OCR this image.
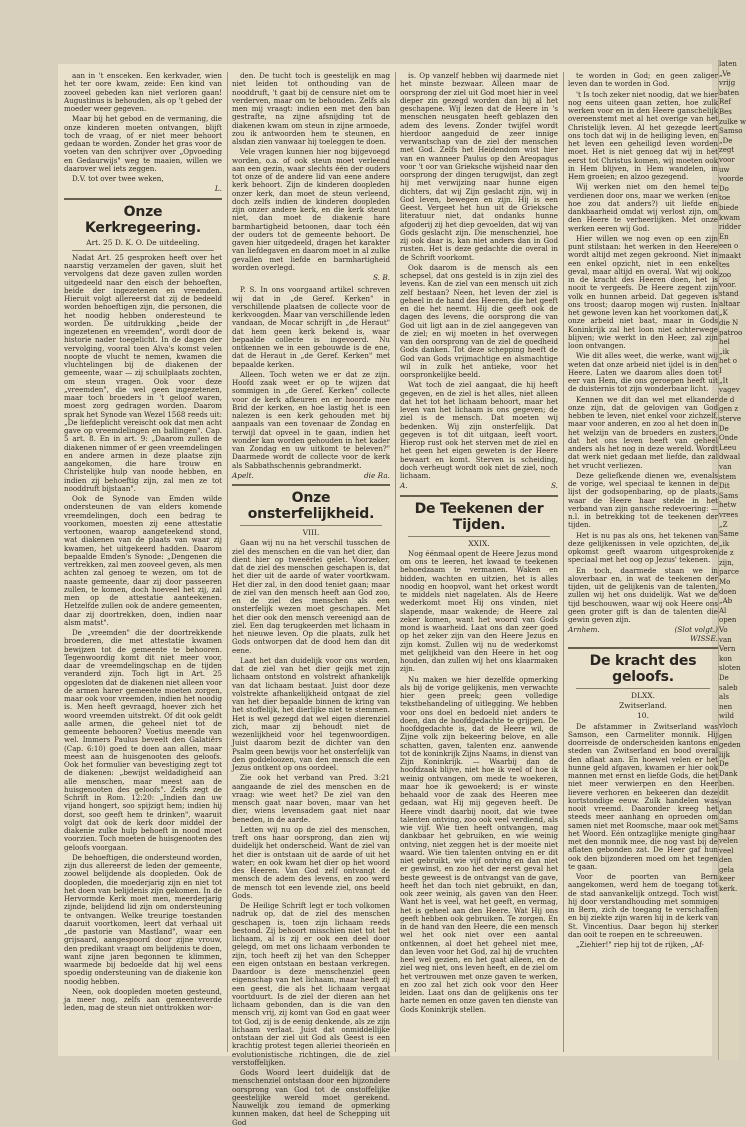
aan in 't ensceken. Een kerkvader, wien het ter oore kwam, zeide: Een kind van zooveel gebeden kan niet verloren gaan! Augustinus is behouden, als op 't gebed der moeder weer gegeven.

Maar bij het gebod en de vermaning, die onze kinderen moeten ontvangen, blijft toch de vraag, of er niet meer behoort gedaan te worden. Zonder het gras voor de voeten van den schrijver over „Opvoeding en Gedaurwijs" weg te maaien, willen we daarover wel iets zeggen.

D.V. tot over twee weken,

L.
Onze Kerkregeering.
Art. 25 D. K. O. De uitdeeling.

Nadat Art. 25 gesproken heeft over het naarstig verzamelen der gaven, sluit het vervolgens dat deze gaven zullen worden uitgedeeld naar den eisch der behoeften, beide der ingezetenen en vreemden. Hieruit volgt allereerst dat zij de bedeeld worden behoeftigen zijn, die personen, die het noodig hebben onderesteund te worden. De uitdrukking „beide der ingezetenen en vreemden", wordt door de historie nader toegelicht. In de dagen der vervolging, vooral toen Alva's komst velen noopte de vlucht te nemen, kwamen die vluchtelingen bij de diakenen der gemeente, waar — zij schuilplaats zochten, om steun vragen. Ook voor deze „vreemden", die wel geen ingezetenen, maar toch broeders in 't geloof waren, moest zorg gedragen worden. Daarom sprak het Synode van Wezel 1568 reeds uit: „De liefdeplicht vereischt ook dat men acht gave op vreemdelingen en ballingen". Cap. 5 art. 8. En in art. 9: „Daarom zullen de diakenen nimmer of er geen vreemdelingen en andere armen in deze plaatse zijn aangekomen, die hare trouw en Christelijke hulp van noode hebben, en indien zij behoeftig zijn, zal men ze tot nooddruft bijstaan".

Ook de Synode van Emden wilde ondersteunen de van elders komende vreemdelingen, doch een bedrag te voorkomen, moesten zij eene attestatie vertoonen, waarop aangeteekend stond, wat diakenen van de plaats van waar zij kwamen, het uitgekeerd hadden. Daarom bepaalde Emden's Synode: „Dengenen die vertrekken, zal men zooveel geven, als men achten zal genoeg te wezen, om tot de naaste gemeente, daar zij door passeeren zullen, te komen, doch hoeveel het zij, zal men op de attestatie aanteekenen. Hetzelfde zullen ook de andere gemeenten, daar zij doortrekken, doen, indien naar alsm matst".

De „vreemden" die der doortrekkende broederen, die met attestatie kwamen bewijzen tot de gemeente te behooren. Tegenwoordig komt dit niet meer voor, daar de vreemdelingschap en de tijden veranderd zijn. Toch ligt in Art. 25 opgesloten dat de diakenen niet alleen voor de armen harer gemeente moeten zorgen, maar ook voor vreemden, indien het noodig is. Men heeft gevraagd, hoever zich het woord vreemden uitstrekt. Of dit ook geldt aalle armen, die geheel niet tot de gemeente behooren? Voetius meende van wel. Immers Paulus beveelt den Galatiërs (Cap. 6:10) goed te doen aan allen, maar meest aan de huisgenooten des geloofs. Ook het formulier van bevestiging zegt tot de diakenen: „bewijst weldadigheid aan alle menschen, maar meest aan de huisgenooten des geloofs". Zelfs zegt de Schrift in Rom. 12:20: „Indien dan uw vijand hongert, soo spijzigt hem; indien hij dorst, soo geeft hem te drinken", waaruit volgt dat ook de kerk door middel der diakenie zulke hulp behoeft in nood moet voorzien. Toch moeten de huisgenooten des geloofs voorgaan.

De behoeftigen, die ondersteund worden, zijn dus allereerst de leden der gemeente, zoowel belijdende als doopleden. Ook de doopleden, die moederjarig zijn en niet tot het doen van belijdenis zijn gekomen. In de Hervormde Kerk moet men, meerderjarig zijnde, belijdend lid zijn om ondersteuning te ontvangen. Welke treurige toestanden daaruit voortkomen, leert dat verhaal uit „de pastorie van Mastland", waar een grijsaard, aangespoord door zijne vrouw, den predikant vraagt om belijdenis te doen, want zijne jaren begonnen te klimmen, waarmede bij bedoelde dat hij wel eens spoedig ondersteuning van de diakenie kon noodig hebben.

Neen, ook doopleden moeten gesteund, ja meer nog, zelfs aan gemeenteverde leden, mag de steun niet onttrokken wor-

den. De tucht toch is geestelijk en mag niet leiden tot onthouding van de nooddruft, 't gaat bij de censure niet om te verderven, maar om te behouden. Zelfs als men mij vraagt: indien een met den ban gestrafte, na zijne afsnijding tot de diakenen kwam om steun in zijne armoede, zou ik antwoorden hem te steunen, en alsdan zien vanwaar hij toeleggen te doen.

Vele vragen kunnen hier nog bijgevoegd worden, o.a. of ook steun moet verleend aan een gezin, waar slechts één der ouders tot onze of de andere lid van eene andere kerk behoort. Zijn de kinderen doopleden onzer kerk, dan moet de steun verleend, doch zelfs indien de kinderen doopleden zijn onzer andere kerk, en die kerk steunt niet, dan moet de diakenie hare barmhartigheid betoonen, daar toch één der ouders tot de gemeente behoort. De gaven hier uitgedeeld, dragen het karakter van liefdegaven en daarom moet in al zulke gevallen met liefde en barmhartigheid worden overlegd.

S. B.

P. S. In ons voorgaand artikel schreven wij dat in „de Geref. Kerken" in verschillende plaatsen de collecte voor de kerkvoogden. Maar van verschillende leden vandaan, de Mocar schrijft in „de Heraut" dat hem geen kerk bekend is, waar bepaalde collecte is ingevoerd. Nu ontkennen we in een gebouwde is de ene, dat de Heraut in „de Geref. Kerken" met bepaalde kerken.

Alleen. Toch weten we er dat ze zijn. Hoofd zaak weet er op te wijzen dat sommigen in „de Geref. Kerken" collecte voor de kerk afkeuren en er hoorde mee Brid der kerken, en hoe lastig het is een nalezen is een kerk gehouden met bij aanpaals van een tovenaar de Zondag en terwijl dat opveel in te gaan, indien het wonder kan worden gehouden in het kader van Zondag en uw uitkomt te beleven?" Daarmede wordt de collecte voor de kerk als Sabbathschennis gebrandmerkt.

Apelt.	die Ra.
Onze onsterfelijkheid.
VIII.

Gaan wij nu na het verschil tusschen de ziel des menschen en die van het dier, dan dient hier op tweeërlei gelet. Voorzeker, dat de ziel des menschen geschapen is, dat het dier uit de aarde of water voortkwam. Het dier zal, in den dood teniet gaan; maar de ziel van den mensch heeft aan God zoo, en de ziel des menschen als een onsterfelijk wezen moet geschapen. Met het dier ook den mensch vereenigd aan de ziel. Een dag terugkeerden met lichaam in het nieuwe leven. Op die plaats, zulk het Gods ontworpen dat de dood hem dan dit eene.

Laat het dan duidelijk voor ons worden, dat de ziel van het dier geijk met zijn lichaam ontstond en volstrekt afhankelijk van dat lichaam bestaat. Juist door deze volstrekte afhankelijkheid ontgaat de ziel van het dier bepaalde binnen de kring van het stoffelijk, het dierlijke niet te stemmen. Het is wel gezegd dat wel eigen dierenziel zich, maar zij behoudt niet de wezenlijkheid voor hel tegenwoordigen. Juist daarom bezit de dichter van den Psalm geen bewijs voor het onsterfelijk van den goddeloozen, van den mensch die een Jezus ontkent op ons oordeel.

Zie ook het verband van Pred. 3:21 aangaande de ziel des menschen en de vraag: wie weet het? De ziel van den mensch gaat naar boven, maar van het dier, wiens levensadem gaat niet naar beneden, in de aarde.

Letten wij nu op de ziel des menschen, treft ons haar oorsprong, dan zien wij duidelijk het onderscheid. Want de ziel van het dier is ontstaan uit de aarde of uit het water; en ook kwam het dier op het woord des Heeren. Van God zelf ontvangt de mensch de adem des levens, en zoo werd de mensch tot een levende ziel, ons beeld Gods.

De Heilige Schrift legt er toch volkomen nadruk op, dat de ziel des menschen geschapen is, toen zijn lichaam reeds bestond. Zij behoort misschien niet tot het lichaam, al is zij er ook een deel door gelegd, om met ons lichaam verbonden te zijn, toch heeft zij het van den Schepper een eigen ontstaan en bestaan verkregen. Daardoor is deze menschenziel geen eigenschap van het lichaam, maar heeft zij een geest, die als het lichaam vergaat voortduurt. Is de ziel der dieren aan het lichaam gebonden, dan is die van den mensch vrij, zij komt van God en gaat weer tot God, zij is de eenig denkende, als ze zijn lichaam verlaat. Juist dat onmiddellijke ontstaan der ziel uit God als Geest is een krachtig protest tegen alleriei theorieën en evolutionistische richtingen, die de ziel verstoffelijken.

Gods Woord leert duidelijk dat de menschenziel ontstaan door een bijzondere oorsprong van God tot de onstoffelijke geestelijke wereld moet gerekend. Nauwelijk zou iemand de opmerking kunnen maken, dat heel de Schepping uit God

is. Op vanzelf hebben wij daarmede niet het minste bezwaar. Alleen maar de oorsprong der ziel uit God moet hier in veel dieper zin gezegd worden dan bij al het geschapene. Wij lezen dat de Heere in 's menschen neusgaten heeft geblazen den adem des levens. Zonder twijfel wordt hierdoor aangeduid de zeer innige verwantschap van de ziel der menschen met God. Zelfs het Heidendom wist hier van en wanneer Paulus op den Areopagus voor 't oor van Grieksche wijsheid naar den oorsprong der dingen terugwijst, dan zegt hij met verwijzing naar hunne eigen dichters, dat wij Zijn geslacht zijn, wij in God leven, bewegen en zijn. Hij is een Geest. Vergeet het hun uit de Grieksche literatuur niet, dat ondanks hunne afgoderij zij het diep gevoelden, dat wij van Gods geslacht zijn. Die menschenziel, hoe zij ook daar is, kan niet anders dan in God rusten. Het is deze gedachte die overal in de Schrift voorkomt.

Ook daarom is de mensch als een schepsel, dat ons gesteld is in zijn ziel des levens. Kan de ziel van een mensch uit zich zelf bestaan? Neen, het leven der ziel is geheel in de hand des Heeren, die het geeft en die het neemt. Hij die geeft ook de dagen des levens, die oorsprong die van God uit ligt aan in de ziel aangegeven van de ziel; en wij moeten in het overwegen van den oorsprong van de ziel de goedheid Gods danken. Tot deze schepping heeft de God van Gods vrijmachtige en alsmachtige wil in zulk het antieke, voor het oorspronkelijke beeld.

Wat toch de ziel aangaat, die hij heeft gegeven, en de ziel is het alles, niet alleen dat het tot het lichaam behoort, maar het leven van het lichaam is ons gegeven; de ziel is de mensch. Dat moeten wij bedenken. Wij zijn onsterfelijk. Dat gegeven is tot dit uitgaan, leeft voort. Hierop rust ook het sterven met de ziel en het geen het eigen geweten is der Heere bewaart en komt. Sterven is scheiding, doch verheugt wordt ook niet de ziel, noch lichaam.

A.	S.
De Teekenen der Tijden.
XXIX.

Nog éénmaal opent de Heere Jezus mond om ons te leeren, het kwaad te teekenen behoedzaam te vermanen. Waken en bidden, wachten en uitzien, het is alles noodig en hoopvol, want het orkest wordt te middels niet nagelaten. Als de Heere wederkomt moet Hij ons vinden, niet slapende, maar wakende; de Heere zal zeker komen, want het woord van Gods mond is waarheid. Laat ons dan zeer goed op het zeker zijn van den Heere Jezus en zijn komst. Zullen wij nu de wederkomst met gelijkheid van den Heere in het oog houden, dan zullen wij het ons klaarmaken zijn.

Nu maken we hier dezelfde opmerking als bij de vorige gelijkenis, men verwachte hier geen preek; geen volledige tekstbehandeling of uitlegging. We hebben voor ons doel en bedoeld niet anders te doen, dan de hoofdgedachte te grijpen. De hoofdgedachte is, dat de Heere wil, de Zijne volk zijn bekeering belove, en alle schatten, gaven, talenten enz. aanwende tot de koninkrijk Zijns Naams, in dienst van Zijn Koninkrijk. — Waarbij dan de hoofdzaak blijve, niet hoe ik veel of hoe ik weinig ontvangen, om mede te woekeren, maar hoe ik gewoekerd; is er winste behaald voor de zaak des Heeren mee gedaan, wat Hij mij gegeven heeft. De Heere vindt daarbij nooit, dat wie twee talenten ontving, zoo ook veel verdiend, als wie vijf. Wie tien heeft ontvangen, mag dankbaar het gebruiken, en wie weinig ontving, niet zeggen het is der moeite niet waard. Wie tien talenten ontving en er dit niet gebruikt, wie vijf ontving en dan niet er gewinst, en zoo het der eerst geval het beste geweest is de ontvangst van de gave, heeft het dan toch niet gebruikt, en dan, ook zeer weinig, als gaven van den Heer. Want het is veel, wat het geeft, en vermag, het is geheel aan den Heere. Wat Hij ons geeft hebben ook gebruiken. Te zorgen. En in de hand van den Heere, die een mensch wel het ook niet over een aantal ontkennen, al doet het geheel niet mee, dan leven voor het God, zal hij de vruchten heel wel gezien, en het gaat alleen, en de ziel weg niet, ons leven heeft, en de ziel om het vertrouwen met onze gaven te werken, en zoo zal het zich ook voor den Heer leiden. Laat ons dan de gelijkenis ons ter harte nemen en onze gaven ten dienste van Gods Koninkrijk stellen.

te worden in God; en geen zaliger leven dan te worden in God.

't Is toch zeker niet noodig, dat we hier nog eens uiteen gaan zetten, hoe zulk werken voor en in den Heere ganschelijk overeenstemt met al het overige van het Christelijk leven. Al het gezegde leert ons toch dat wij in de heiliging leven, en het leven een geheiligd leven worden moet. Het is niet genoeg dat wij in het eerst tot Christus komen, wij moeten ook in Hem blijven, in Hem wandelen, in Hem groeien; en alzoo gezegend.

Wij werken niet om den hemel te verdienen door ons, maar we werken (en hoe zou dat anders?) uit liefde en dankbaarheid omdat wij verlost zijn, om den Heere te verheerlijken. Met onze werken eeren wij God.

Hier willen we nog even op een zijn punt stilstaan: het werken in den Heere wordt altijd met zegen gekroond. Niet in een enkel opzicht, niet in een enkel geval, maar altijd en overal. Wat wij ook in de kracht des Heeren doen, het is nooit te vergeefs. De Heere zegent zijn volk en hunnen arbeid. Dat gegeven is ons troost; daarop mogen wij rusten. In het gewone leven kan het voorkomen dat onze arbeid niet baat, maar in Gods Koninkrijk zal het loon niet achterwege blijven; wie werkt in den Heer, zal zijn loon ontvangen.

Wie dit alles weet, die werke, want wij weten dat onze arbeid niet ijdel is in den Heere. Laten we daarom alles doen tot eer van Hem, die ons geroepen heeft uit de duisternis tot zijn wonderbaar licht.

Kennen we dit dan wel met elkander onze zijn, dat de gelovigen van God hebben te leven, niet enkel voor zichzelf, maar voor anderen, en zoo al het doen in het welzijn van de broeders en zusters, dat het ons leven heeft van geheel anders als het nog in deze wereld. Wordt dat werk niet gedaan met liefde, dan zal het vrucht verliezen.

Deze geliefkende dienen we, evenals de vorige, wel speciaal te kennen in de lijst der godsopenbaring, op de plaats, waar de Heere haar stelde in het verband van zijn gansche redevoering: — n.l. in betrekking tot de teekenen der tijden.

Het is nu pas als ons, het tekenen van deze gelijkenissen in vele opzichten, de opkomst geeft waarom uitgesproken speciaal met het oog op Jezus' tekenen.

En toch, daarmede staan we in aloverbaar en, in wat de teekenen der tijden, uit de gelijkenis van de talenten, zullen wij het ons duidelijk. Wat we de tijd beschouwen, waar wij ook Heere ons geen groter gift is dan de talenten die gewin geven zijn.

Arnhem.	(Slot volgt.)
WISSE.
De kracht des geloofs.
DLXX.
Zwitserland.
10.

De afstammer in Zwitserland was Samson, een Carmeliter monnik. Hij doorreisde de onderscheiden kantons en steden van Zwitserland en bood overal den aflaat aan. En hoewel velen er het hunne geld afgaven, kwamen er hier ook mannen met ernst en liefde Gods, die het niet meer verwierpen en den Heer lievere verhoren en bekeeren dan deze kortstondige eeuw. Zulk handelen was nooit vreemd. Daaronder kreeg het steeds meer aanhang en oproeden om samen niet met Roomsche, maar ook met het Woord. Eén ontzaglijke menigte ging met den monnik mee, die nog vast bij de aflaten gebonden zat. De Heer gaf hun ook den bijzonderen moed om het tegen te gaan.

Voor de poorten van Bern aangekomen, werd hem de toegang tot de stad aanvankelijk ontzegd. Toch wist hij door verstandhouding met sommigen in Bern, zich de toegang te verschaffen en bij ziekte zijn waren hij in de kerk van St. Vincentius. Daar begon hij sterker dan ooit te roepen en te schreeuwen.

„Ziehier!" riep hij tot de rijken, „Af-

laten
„Ve
vrijg
baten
Ref
Bes
zulke w
Samso
„De
zegt
voor
uw
voorde
Do
toe
biede
kwam
ridder
En
een o
maakt
tes
zoo
voor.
stand
altaar
„K
die N
patroo
hel
„ik
het o
I
„It
vagev
de d
gen z
sterve
De
Onde
Leeu
dwaal
van
stem
Dit
Sams
hetw
vrees
„Z
Same
„ik
de z
zijn,
parce
Mo
doen
„Ab
Al
open
Vo
van
Vern
kon
sloten
De
saleb
als
nen
wild
vloch
gen
geden
lijk
De
Dank
ben.
dit
van
dan
Sams
haar
velen
veel
den
gela
keer
kerk.
